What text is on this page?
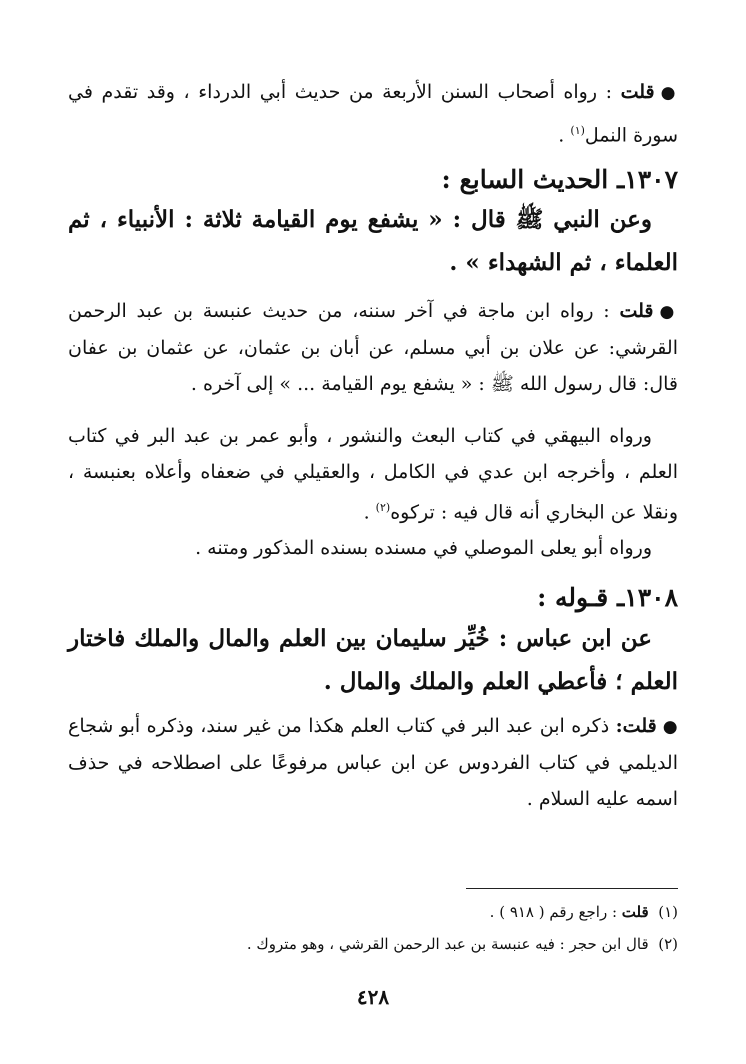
●قلت : رواه أصحاب السنن الأربعة من حديث أبي الدرداء ، وقد تقدم في سورة النمل$^{(١)}$ .
١٣٠٧ـ الحديث السابع :
وعن النبي ﷺ قال : « يشفع يوم القيامة ثلاثة : الأنبياء ، ثم العلماء ، ثم الشهداء » .
●قلت : رواه ابن ماجة في آخر سننه، من حديث عنبسة بن عبد الرحمن القرشي: عن علان بن أبي مسلم، عن أبان بن عثمان، عن عثمان بن عفان قال: قال رسول الله ﷺ : « يشفع يوم القيامة ... » إلى آخره .
ورواه البيهقي في كتاب البعث والنشور ، وأبو عمر بن عبد البر في كتاب العلم ، وأخرجه ابن عدي في الكامل ، والعقيلي في ضعفاه وأعلاه بعنبسة ، ونقلا عن البخاري أنه قال فيه : تركوه$^{(٢)}$ .
ورواه أبو يعلى الموصلي في مسنده بسنده المذكور ومتنه .
١٣٠٨ـ قـوله :
عن ابن عباس : خُيِّر سليمان بين العلم والمال والملك فاختار العلم ؛ فأعطي العلم والملك والمال .
●قلت: ذكره ابن عبد البر في كتاب العلم هكذا من غير سند، وذكره أبو شجاع الديلمي في كتاب الفردوس عن ابن عباس مرفوعًا على اصطلاحه في حذف اسمه عليه السلام .
(١)  قلت : راجع رقم ( ٩١٨ ) .
(٢)  قال ابن حجر : فيه عنبسة بن عبد الرحمن القرشي ، وهو متروك .
٤٢٨
